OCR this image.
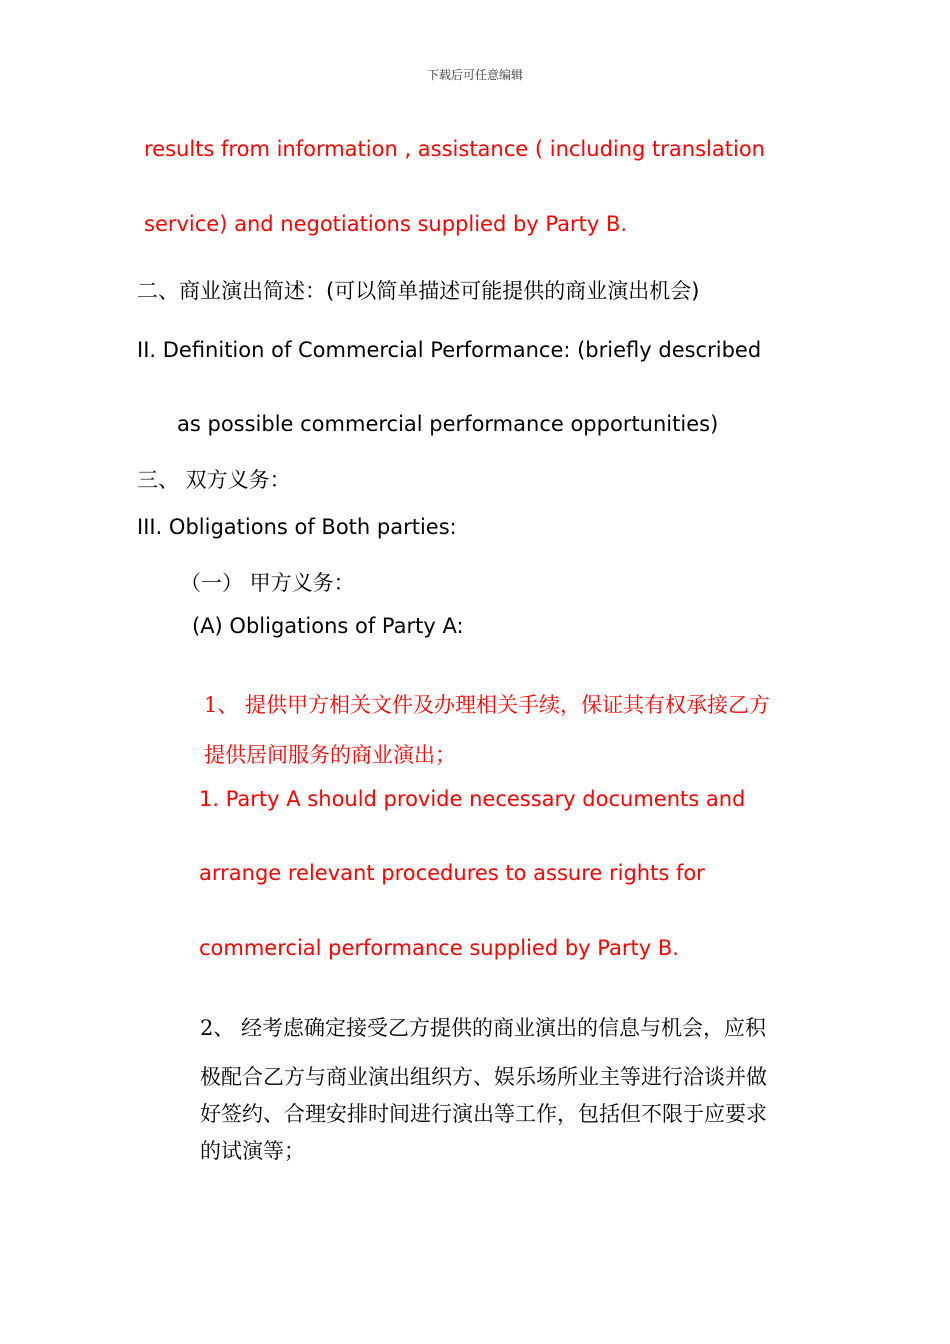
下载后可任意编辑

results from information , assistance ( including translation

service) and negotiations supplied by Party B.

二、商业演出简述：(可以简单描述可能提供的商业演出机会)

II. Definition of Commercial Performance: (briefly described

as possible commercial performance opportunities)

三、 双方义务：

III. Obligations of Both parties:

（一） 甲方义务：

(A) Obligations of Party A:

1、 提供甲方相关文件及办理相关手续，保证其有权承接乙方

提供居间服务的商业演出；

1. Party A should provide necessary documents and

arrange relevant procedures to assure rights for

commercial performance supplied by Party B.

2、 经考虑确定接受乙方提供的商业演出的信息与机会，应积

极配合乙方与商业演出组织方、娱乐场所业主等进行洽谈并做

好签约、合理安排时间进行演出等工作，包括但不限于应要求

的试演等；
